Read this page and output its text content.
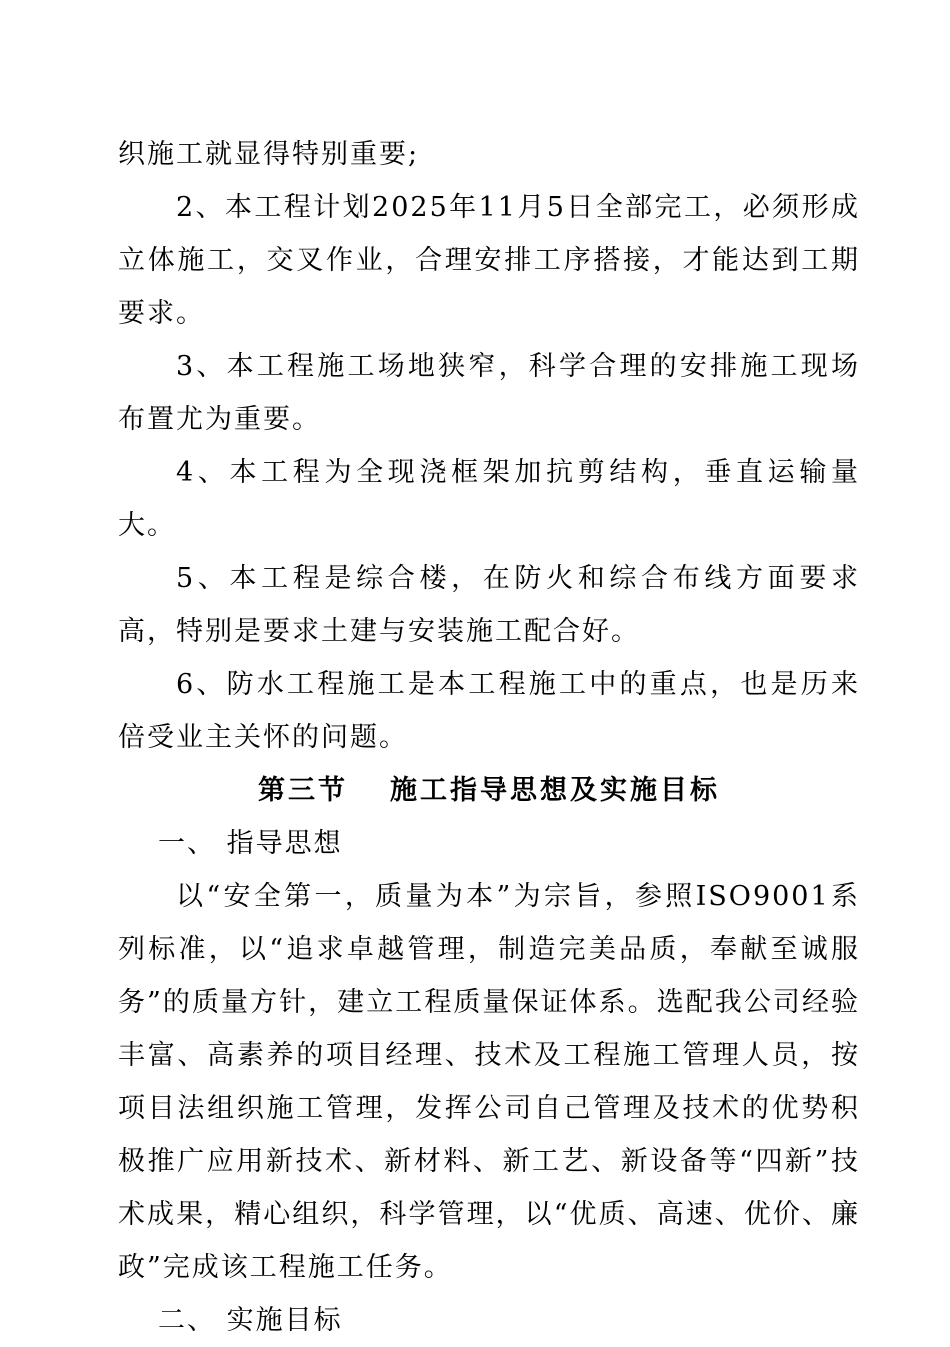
织施工就显得特别重要;

2、本工程计划2025年11月5日全部完工，必须形成立体施工，交叉作业，合理安排工序搭接，才能达到工期要求。

3、本工程施工场地狭窄，科学合理的安排施工现场布置尤为重要。

4、本工程为全现浇框架加抗剪结构，垂直运输量大。

5、本工程是综合楼，在防火和综合布线方面要求高，特别是要求土建与安装施工配合好。

6、防水工程施工是本工程施工中的重点，也是历来倍受业主关怀的问题。

第三节 施工指导思想及实施目标

一、 指导思想

以“安全第一，质量为本”为宗旨，参照ISO9001系列标准，以“追求卓越管理，制造完美品质，奉献至诚服务”的质量方针，建立工程质量保证体系。选配我公司经验丰富、高素养的项目经理、技术及工程施工管理人员，按项目法组织施工管理，发挥公司自己管理及技术的优势积极推广应用新技术、新材料、新工艺、新设备等“四新”技术成果，精心组织，科学管理，以“优质、高速、优价、廉政”完成该工程施工任务。

二、 实施目标
